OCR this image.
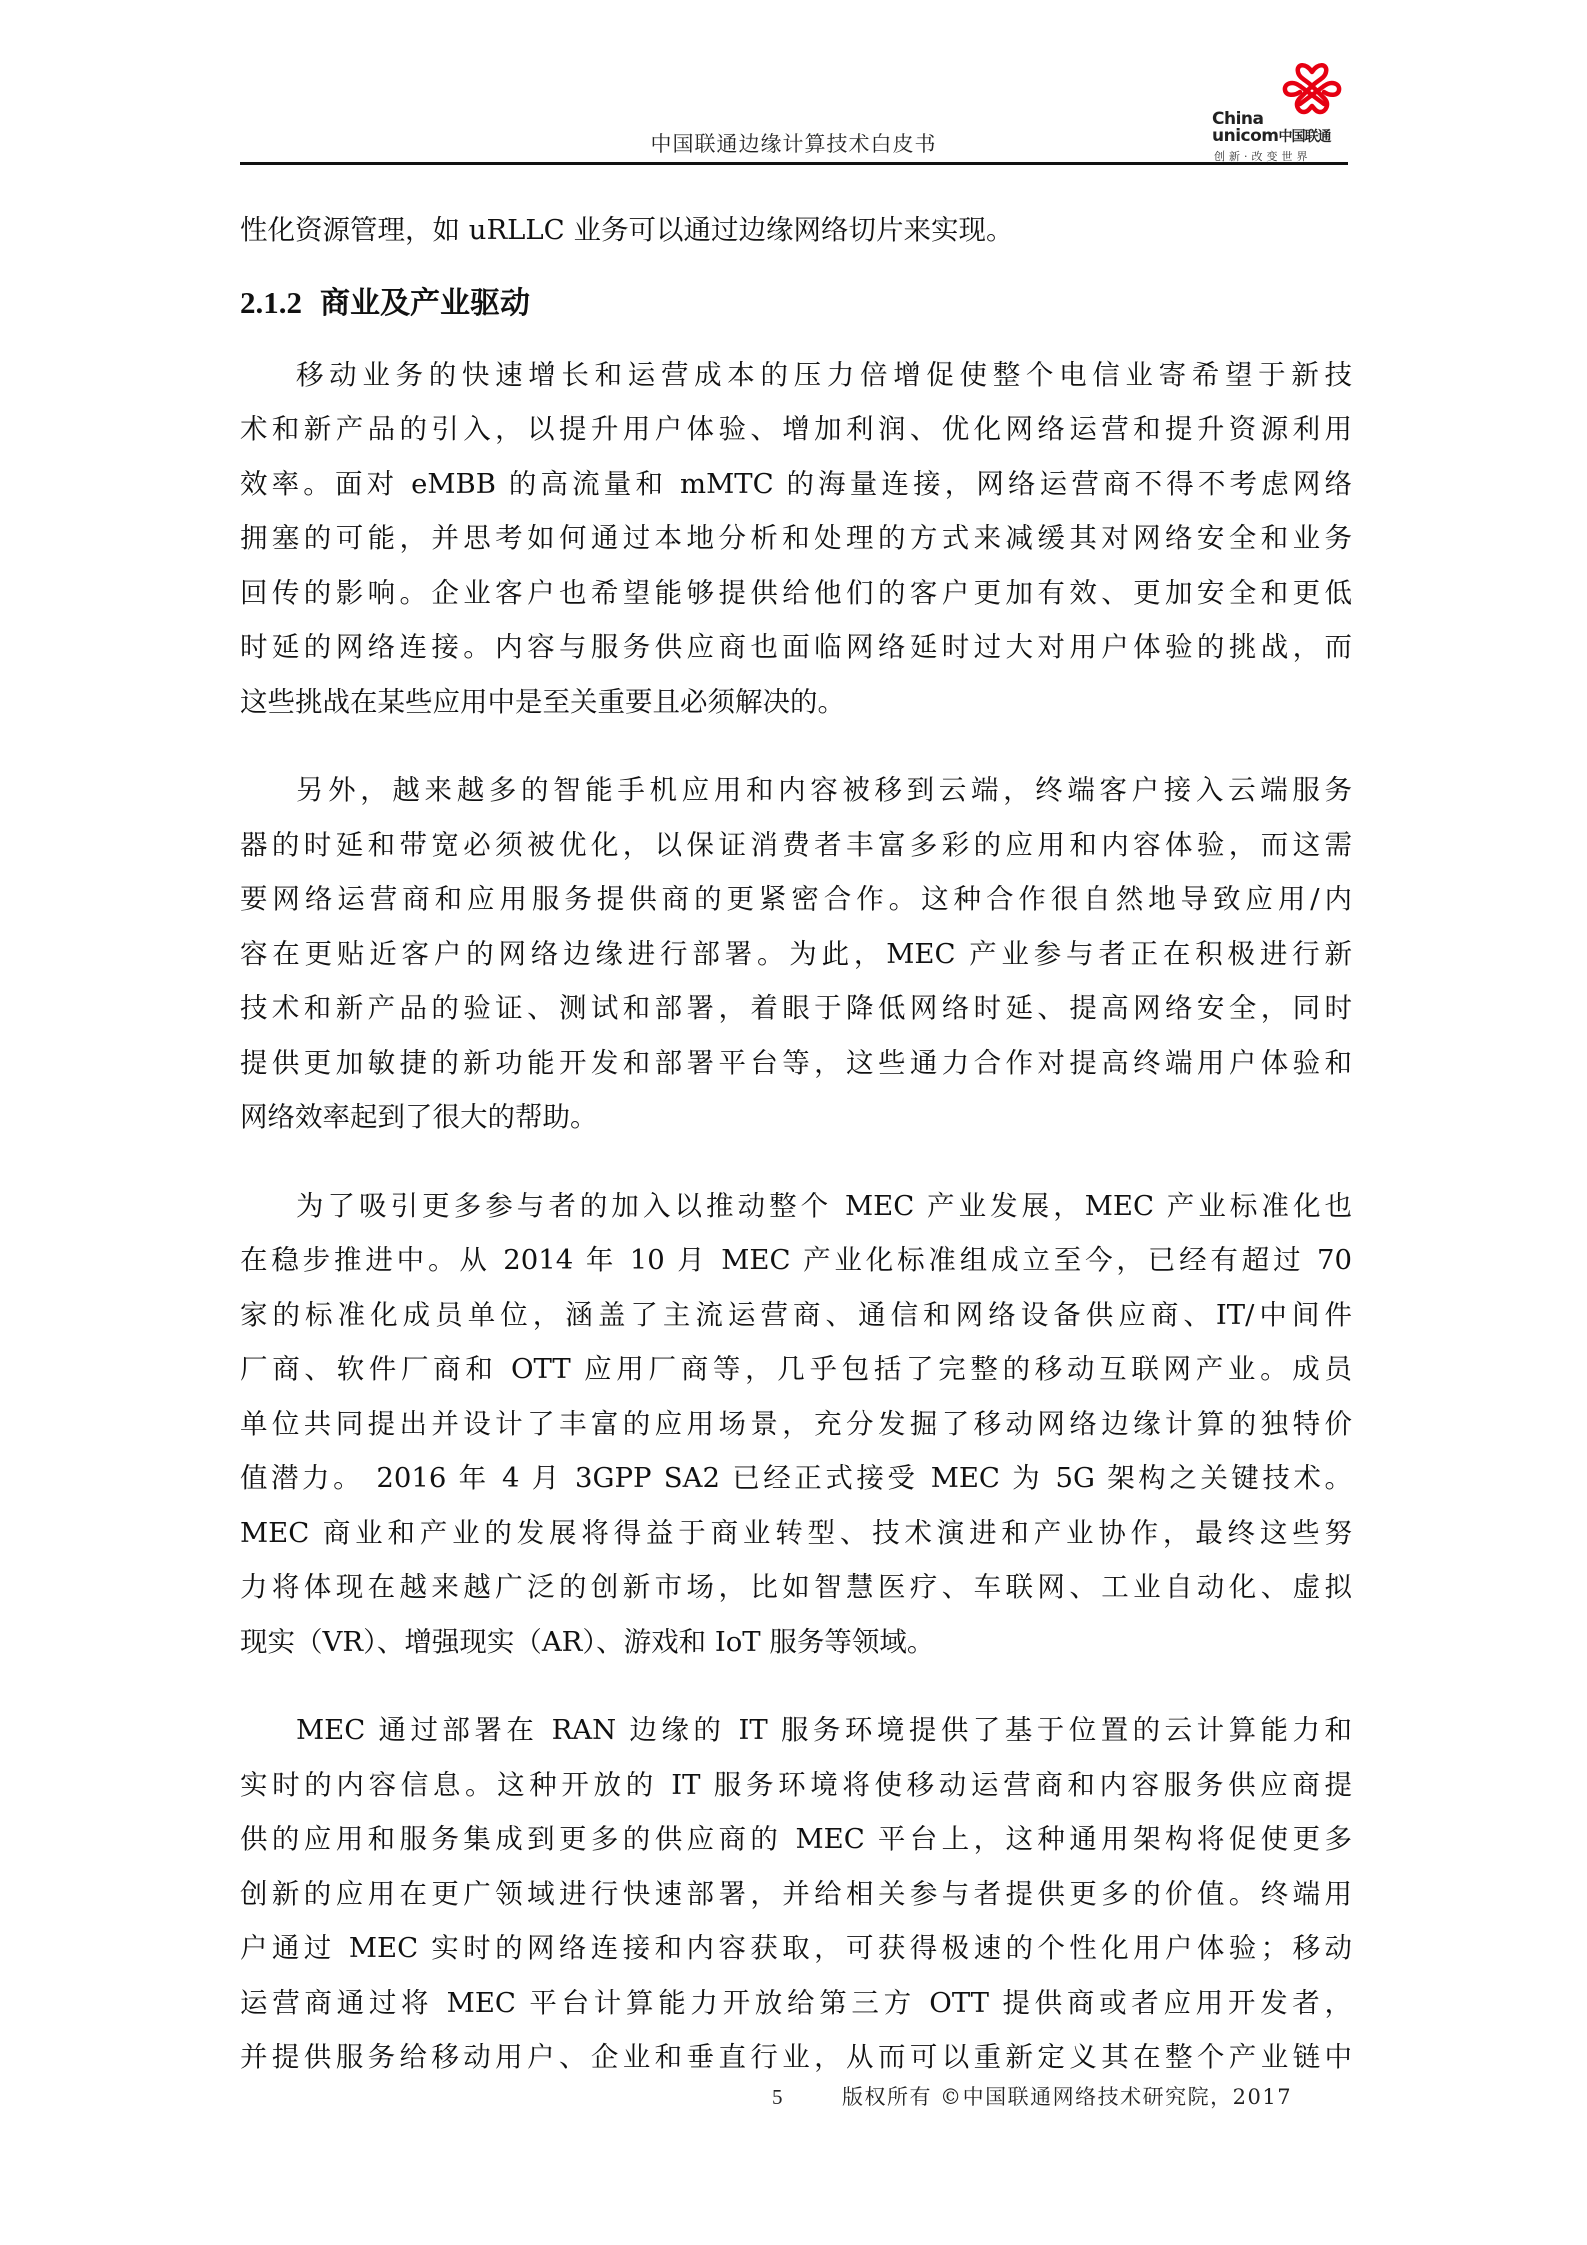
中国联通边缘计算技术白皮书
China
unicom中国联通
创新·改变世界
性化资源管理，如 uRLLC 业务可以通过边缘网络切片来实现。
2.1.2 商业及产业驱动
移动业务的快速增长和运营成本的压力倍增促使整个电信业寄希望于新技
术和新产品的引入，以提升用户体验、增加利润、优化网络运营和提升资源利用
效率。面对 eMBB 的高流量和 mMTC 的海量连接，网络运营商不得不考虑网络
拥塞的可能，并思考如何通过本地分析和处理的方式来减缓其对网络安全和业务
回传的影响。企业客户也希望能够提供给他们的客户更加有效、更加安全和更低
时延的网络连接。内容与服务供应商也面临网络延时过大对用户体验的挑战，而
这些挑战在某些应用中是至关重要且必须解决的。
另外，越来越多的智能手机应用和内容被移到云端，终端客户接入云端服务
器的时延和带宽必须被优化，以保证消费者丰富多彩的应用和内容体验，而这需
要网络运营商和应用服务提供商的更紧密合作。这种合作很自然地导致应用/内
容在更贴近客户的网络边缘进行部署。为此，MEC 产业参与者正在积极进行新
技术和新产品的验证、测试和部署，着眼于降低网络时延、提高网络安全，同时
提供更加敏捷的新功能开发和部署平台等，这些通力合作对提高终端用户体验和
网络效率起到了很大的帮助。
为了吸引更多参与者的加入以推动整个 MEC 产业发展，MEC 产业标准化也
在稳步推进中。从 2014 年 10 月 MEC 产业化标准组成立至今，已经有超过 70
家的标准化成员单位，涵盖了主流运营商、通信和网络设备供应商、IT/中间件
厂商、软件厂商和 OTT 应用厂商等，几乎包括了完整的移动互联网产业。成员
单位共同提出并设计了丰富的应用场景，充分发掘了移动网络边缘计算的独特价
值潜力。 2016 年 4 月 3GPP SA2 已经正式接受 MEC 为 5G 架构之关键技术。
MEC 商业和产业的发展将得益于商业转型、技术演进和产业协作，最终这些努
力将体现在越来越广泛的创新市场，比如智慧医疗、车联网、工业自动化、虚拟
现实（VR）、增强现实（AR）、游戏和 IoT 服务等领域。
MEC 通过部署在 RAN 边缘的 IT 服务环境提供了基于位置的云计算能力和
实时的内容信息。这种开放的 IT 服务环境将使移动运营商和内容服务供应商提
供的应用和服务集成到更多的供应商的 MEC 平台上，这种通用架构将促使更多
创新的应用在更广领域进行快速部署，并给相关参与者提供更多的价值。终端用
户通过 MEC 实时的网络连接和内容获取，可获得极速的个性化用户体验；移动
运营商通过将 MEC 平台计算能力开放给第三方 OTT 提供商或者应用开发者，
并提供服务给移动用户、企业和垂直行业，从而可以重新定义其在整个产业链中
5	版权所有 ©中国联通网络技术研究院，2017
